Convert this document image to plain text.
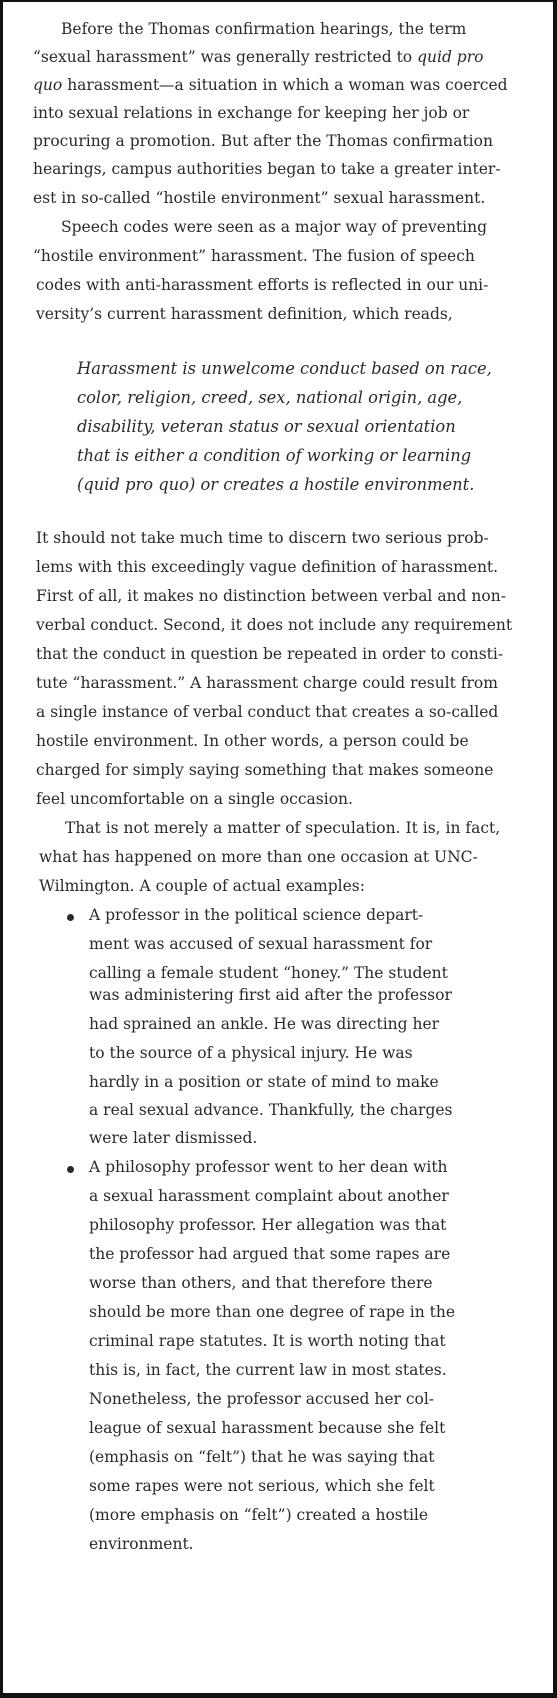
Before the Thomas confirmation hearings, the term
“sexual harassment” was generally restricted to quid pro
quo harassment—a situation in which a woman was coerced
into sexual relations in exchange for keeping her job or
procuring a promotion. But after the Thomas confirmation
hearings, campus authorities began to take a greater inter-
est in so-called “hostile environment” sexual harassment.
Speech codes were seen as a major way of preventing
“hostile environment” harassment. The fusion of speech
codes with anti-harassment efforts is reflected in our uni-
versity’s current harassment definition, which reads,
Harassment is unwelcome conduct based on race,
color, religion, creed, sex, national origin, age,
disability, veteran status or sexual orientation
that is either a condition of working or learning
(quid pro quo) or creates a hostile environment.
It should not take much time to discern two serious prob-
lems with this exceedingly vague definition of harassment.
First of all, it makes no distinction between verbal and non-
verbal conduct. Second, it does not include any requirement
that the conduct in question be repeated in order to consti-
tute “harassment.” A harassment charge could result from
a single instance of verbal conduct that creates a so-called
hostile environment. In other words, a person could be
charged for simply saying something that makes someone
feel uncomfortable on a single occasion.
That is not merely a matter of speculation. It is, in fact,
what has happened on more than one occasion at UNC-
Wilmington. A couple of actual examples:
A professor in the political science depart-
ment was accused of sexual harassment for
calling a female student “honey.” The student
was administering first aid after the professor
had sprained an ankle. He was directing her
to the source of a physical injury. He was
hardly in a position or state of mind to make
a real sexual advance. Thankfully, the charges
were later dismissed.
A philosophy professor went to her dean with
a sexual harassment complaint about another
philosophy professor. Her allegation was that
the professor had argued that some rapes are
worse than others, and that therefore there
should be more than one degree of rape in the
criminal rape statutes. It is worth noting that
this is, in fact, the current law in most states.
Nonetheless, the professor accused her col-
league of sexual harassment because she felt
(emphasis on “felt”) that he was saying that
some rapes were not serious, which she felt
(more emphasis on “felt”) created a hostile
environment.
